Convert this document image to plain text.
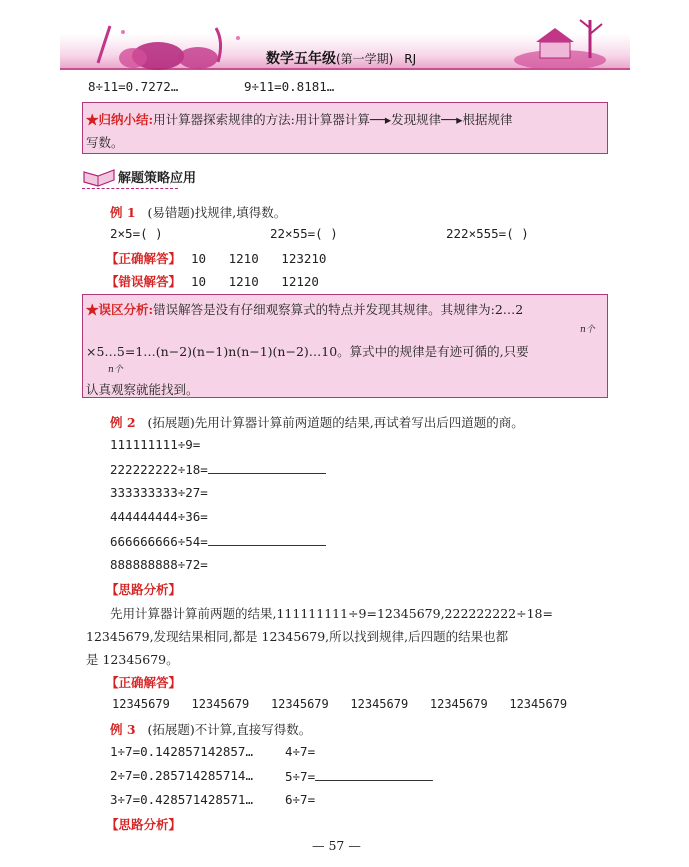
数学五年级(第一学期) RJ
8÷11=0.7272…	9÷11=0.8181…
★归纳小结:用计算器探索规律的方法:用计算器计算──▸发现规律──▸根据规律
写数。
解题策略应用
例 1 (易错题)找规律,填得数。
2×5=( )	22×55=( )	222×555=( )
【正确解答】 10   1210   123210
【错误解答】 10   1210   12120
★误区分析:错误解答是没有仔细观察算式的特点并发现其规律。其规律为:2…2
n个
×5…5=1…(n−2)(n−1)n(n−1)(n−2)…10。算式中的规律是有迹可循的,只要
n个
认真观察就能找到。
例 2 (拓展题)先用计算器计算前两道题的结果,再试着写出后四道题的商。
111111111÷9=
222222222÷18=
333333333÷27=
444444444÷36=
666666666÷54=
888888888÷72=
【思路分析】
先用计算器计算前两题的结果,111111111÷9=12345679,222222222÷18=
12345679,发现结果相同,都是 12345679,所以找到规律,后四题的结果也都
是 12345679。
【正确解答】
12345679   12345679   12345679   12345679   12345679   12345679
例 3 (拓展题)不计算,直接写得数。
1÷7=0.142857142857…	4÷7=
2÷7=0.285714285714…	5÷7=
3÷7=0.428571428571…	6÷7=
【思路分析】
— 57 —
